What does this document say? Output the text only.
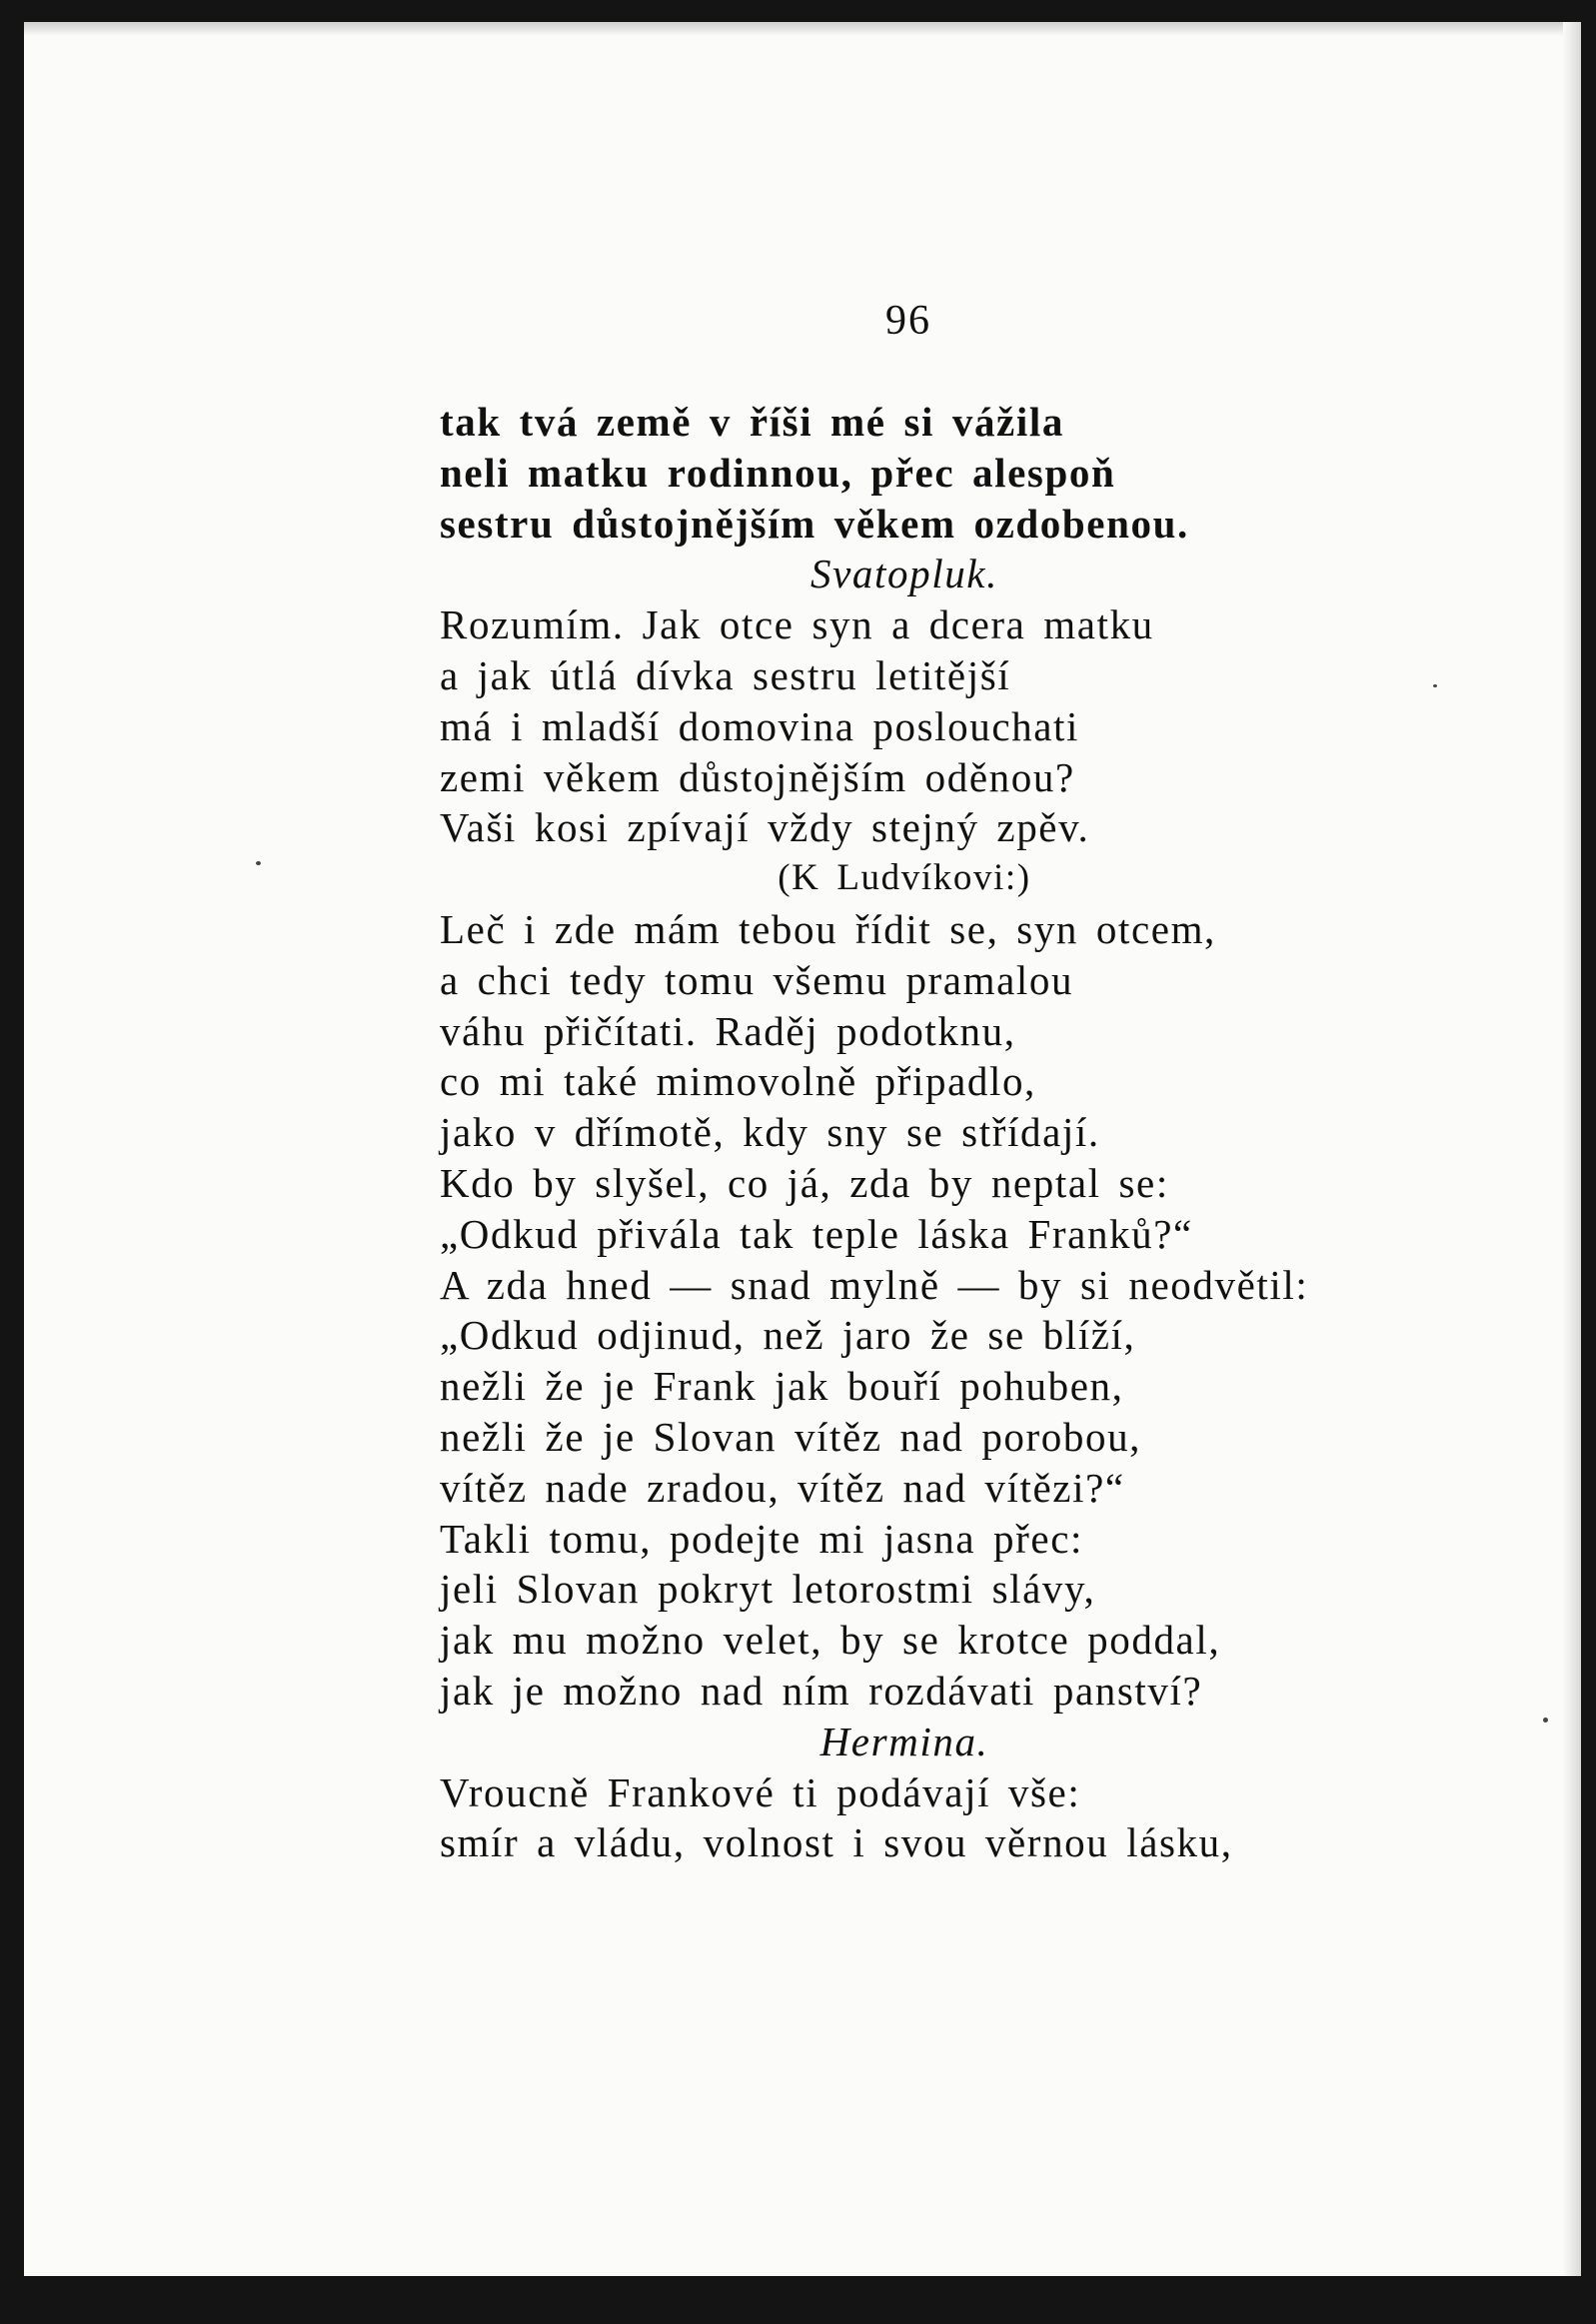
96
tak tvá země v říši mé si vážila
neli matku rodinnou, přec alespoň
sestru důstojnějším věkem ozdobenou.
Svatopluk.
Rozumím. Jak otce syn a dcera matku
a jak útlá dívka sestru letitější
má i mladší domovina poslouchati
zemi věkem důstojnějším oděnou?
Vaši kosi zpívají vždy stejný zpěv.
(K Ludvíkovi:)
Leč i zde mám tebou řídit se, syn otcem,
a chci tedy tomu všemu pramalou
váhu přičítati. Raděj podotknu,
co mi také mimovolně připadlo,
jako v dřímotě, kdy sny se střídají.
Kdo by slyšel, co já, zda by neptal se:
„Odkud přivála tak teple láska Franků?“
A zda hned — snad mylně — by si neodvětil:
„Odkud odjinud, než jaro že se blíží,
nežli že je Frank jak bouří pohuben,
nežli že je Slovan vítěz nad porobou,
vítěz nade zradou, vítěz nad vítězi?“
Takli tomu, podejte mi jasna přec:
jeli Slovan pokryt letorostmi slávy,
jak mu možno velet, by se krotce poddal,
jak je možno nad ním rozdávati panství?
Hermina.
Vroucně Frankové ti podávají vše:
smír a vládu, volnost i svou věrnou lásku,
